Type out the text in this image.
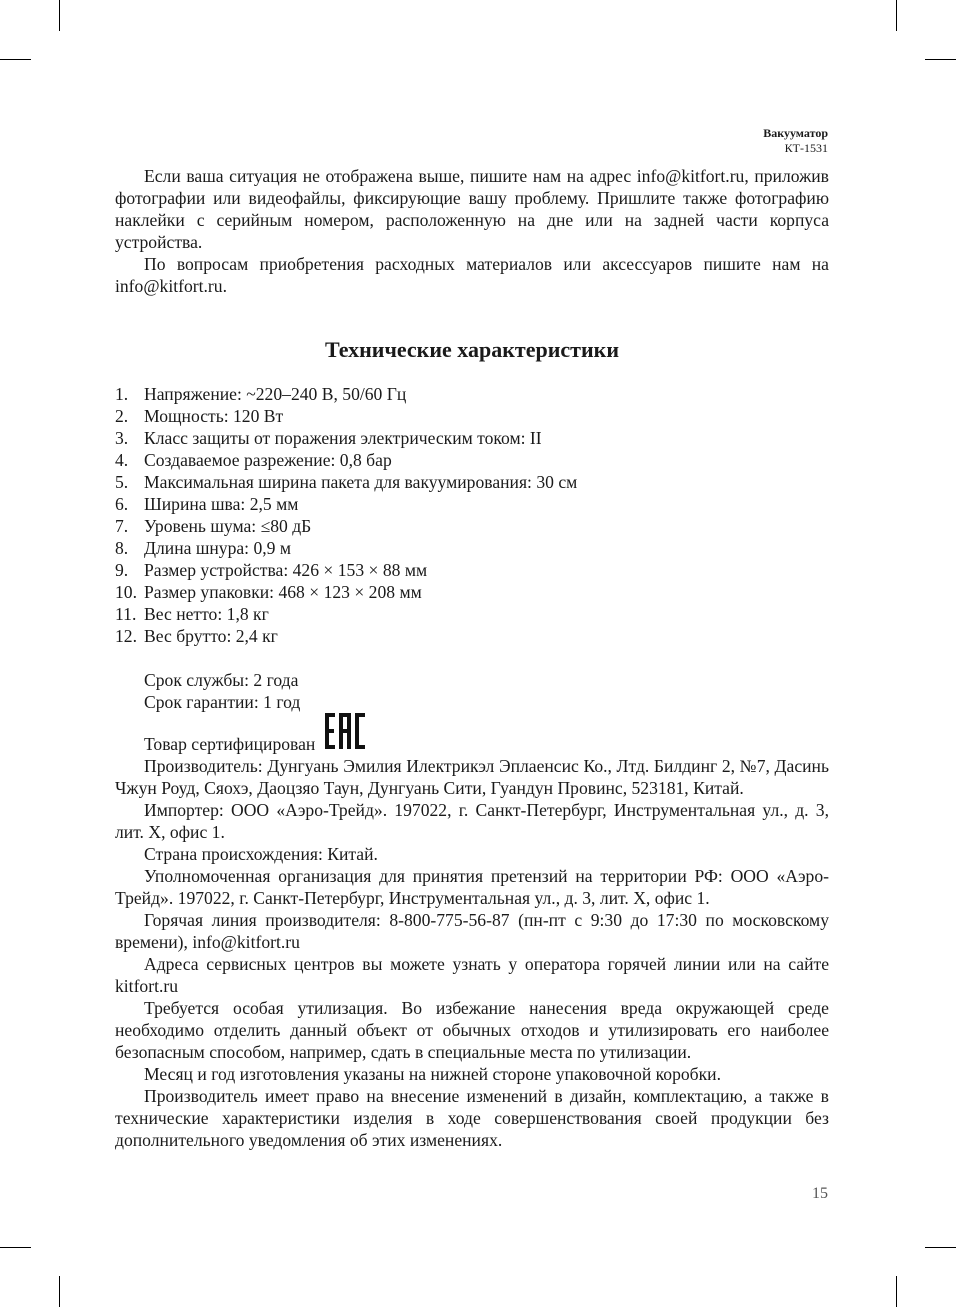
Вакууматор
КТ-1531

Если ваша ситуация не отображена выше, пишите нам на адрес info@kitfort.ru, приложив фотографии или видеофайлы, фиксирующие вашу проблему. Пришлите также фотографию наклейки с серийным номером, расположенную на дне или на задней части корпуса устройства.

По вопросам приобретения расходных материалов или аксессуаров пишите нам на info@kitfort.ru.

Технические характеристики
1. Напряжение: ~220–240 В, 50/60 Гц
2. Мощность: 120 Вт
3. Класс защиты от поражения электрическим током: II
4. Создаваемое разрежение: 0,8 бар
5. Максимальная ширина пакета для вакуумирования: 30 см
6. Ширина шва: 2,5 мм
7. Уровень шума: ≤80 дБ
8. Длина шнура: 0,9 м
9. Размер устройства: 426 × 153 × 88 мм
10. Размер упаковки: 468 × 123 × 208 мм
11. Вес нетто: 1,8 кг
12. Вес брутто: 2,4 кг

Срок службы: 2 года

Срок гарантии: 1 год

Товар сертифицирован

Производитель: Дунгуань Эмилия Илектрикэл Эплаенсис Ко., Лтд. Билдинг 2, №7, Дасинь Чжун Роуд, Сяохэ, Даоцзяо Таун, Дунгуань Сити, Гуандун Провинс, 523181, Китай.

Импортер: ООО «Аэро-Трейд». 197022, г. Санкт-Петербург, Инструментальная ул., д. 3, лит. Х, офис 1.

Страна происхождения: Китай.

Уполномоченная организация для принятия претензий на территории РФ: ООО «Аэро-Трейд». 197022, г. Санкт-Петербург, Инструментальная ул., д. 3, лит. Х, офис 1.

Горячая линия производителя: 8-800-775-56-87 (пн-пт с 9:30 до 17:30 по московскому времени), info@kitfort.ru

Адреса сервисных центров вы можете узнать у оператора горячей линии или на сайте kitfort.ru

Требуется особая утилизация. Во избежание нанесения вреда окружающей среде необходимо отделить данный объект от обычных отходов и утилизировать его наиболее безопасным способом, например, сдать в специальные места по утилизации.

Месяц и год изготовления указаны на нижней стороне упаковочной коробки.

Производитель имеет право на внесение изменений в дизайн, комплектацию, а также в технические характеристики изделия в ходе совершенствования своей продукции без дополнительного уведомления об этих изменениях.

15
